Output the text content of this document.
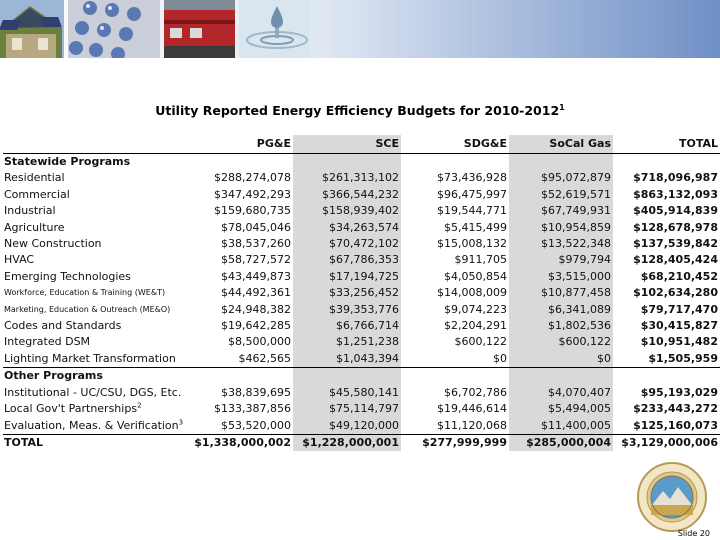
Utility Reported Energy Efficiency Budgets for 2010-2012$^1$
	PG&E	SCE	SDG&E	SoCal Gas	TOTAL
Statewide Programs					
Residential	$288,274,078	$261,313,102	$73,436,928	$95,072,879	$718,096,987
Commercial	$347,492,293	$366,544,232	$96,475,997	$52,619,571	$863,132,093
Industrial	$159,680,735	$158,939,402	$19,544,771	$67,749,931	$405,914,839
Agriculture	$78,045,046	$34,263,574	$5,415,499	$10,954,859	$128,678,978
New Construction	$38,537,260	$70,472,102	$15,008,132	$13,522,348	$137,539,842
HVAC	$58,727,572	$67,786,353	$911,705	$979,794	$128,405,424
Emerging Technologies	$43,449,873	$17,194,725	$4,050,854	$3,515,000	$68,210,452
Workforce, Education & Training (WE&T)	$44,492,361	$33,256,452	$14,008,009	$10,877,458	$102,634,280
Marketing, Education & Outreach (ME&O)	$24,948,382	$39,353,776	$9,074,223	$6,341,089	$79,717,470
Codes and Standards	$19,642,285	$6,766,714	$2,204,291	$1,802,536	$30,415,827
Integrated DSM	$8,500,000	$1,251,238	$600,122	$600,122	$10,951,482
Lighting Market Transformation	$462,565	$1,043,394	$0	$0	$1,505,959
Other Programs					
Institutional - UC/CSU, DGS, Etc.	$38,839,695	$45,580,141	$6,702,786	$4,070,407	$95,193,029
Local Gov't Partnerships$^2$	$133,387,856	$75,114,797	$19,446,614	$5,494,005	$233,443,272
Evaluation, Meas. & Verification$^3$	$53,520,000	$49,120,000	$11,120,068	$11,400,005	$125,160,073
TOTAL	$1,338,000,002	$1,228,000,001	$277,999,999	$285,000,004	$3,129,000,006
Slide 20
